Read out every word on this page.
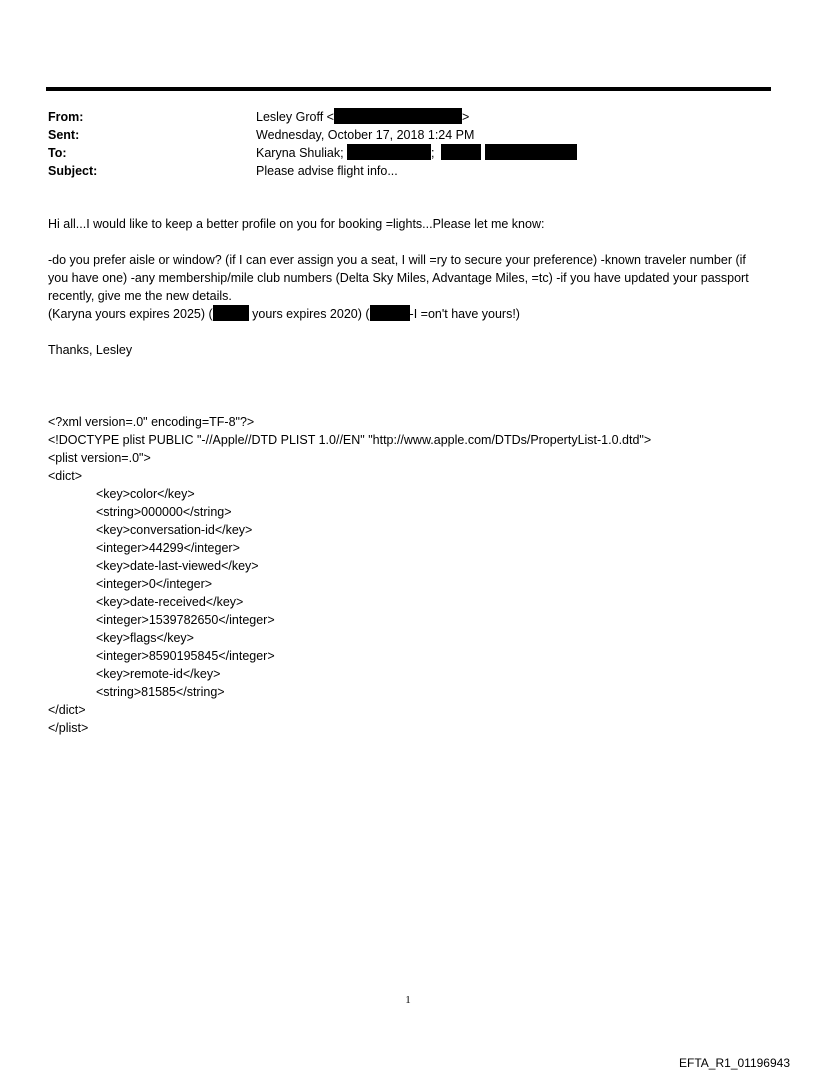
From:	Lesley Groff <	>
Sent:	Wednesday, October 17, 2018 1:24 PM
To:	Karyna Shuliak;	;
Subject:	Please advise flight info...

Hi all...I would like to keep a better profile on you for booking =lights...Please let me know:

-do you prefer aisle or window? (if I can ever assign you a seat, I will =ry to secure your preference) -known traveler number (if you have one) -any membership/mile club numbers (Delta Sky Miles, Advantage Miles, =tc) -if you have updated your passport recently, give me the new details.

(Karyna yours expires 2025) (	yours expires 2020) (	-I =on't have yours!)

Thanks, Lesley

<?xml version=.0" encoding=TF-8"?>
<!DOCTYPE plist PUBLIC "-//Apple//DTD PLIST 1.0//EN" "http://www.apple.com/DTDs/PropertyList-1.0.dtd">
<plist version=.0">
<dict>
<key>color</key>
<string>000000</string>
<key>conversation-id</key>
<integer>44299</integer>
<key>date-last-viewed</key>
<integer>0</integer>
<key>date-received</key>
<integer>1539782650</integer>
<key>flags</key>
<integer>8590195845</integer>
<key>remote-id</key>
<string>81585</string>
</dict>
</plist>
1
EFTA_R1_01196943
